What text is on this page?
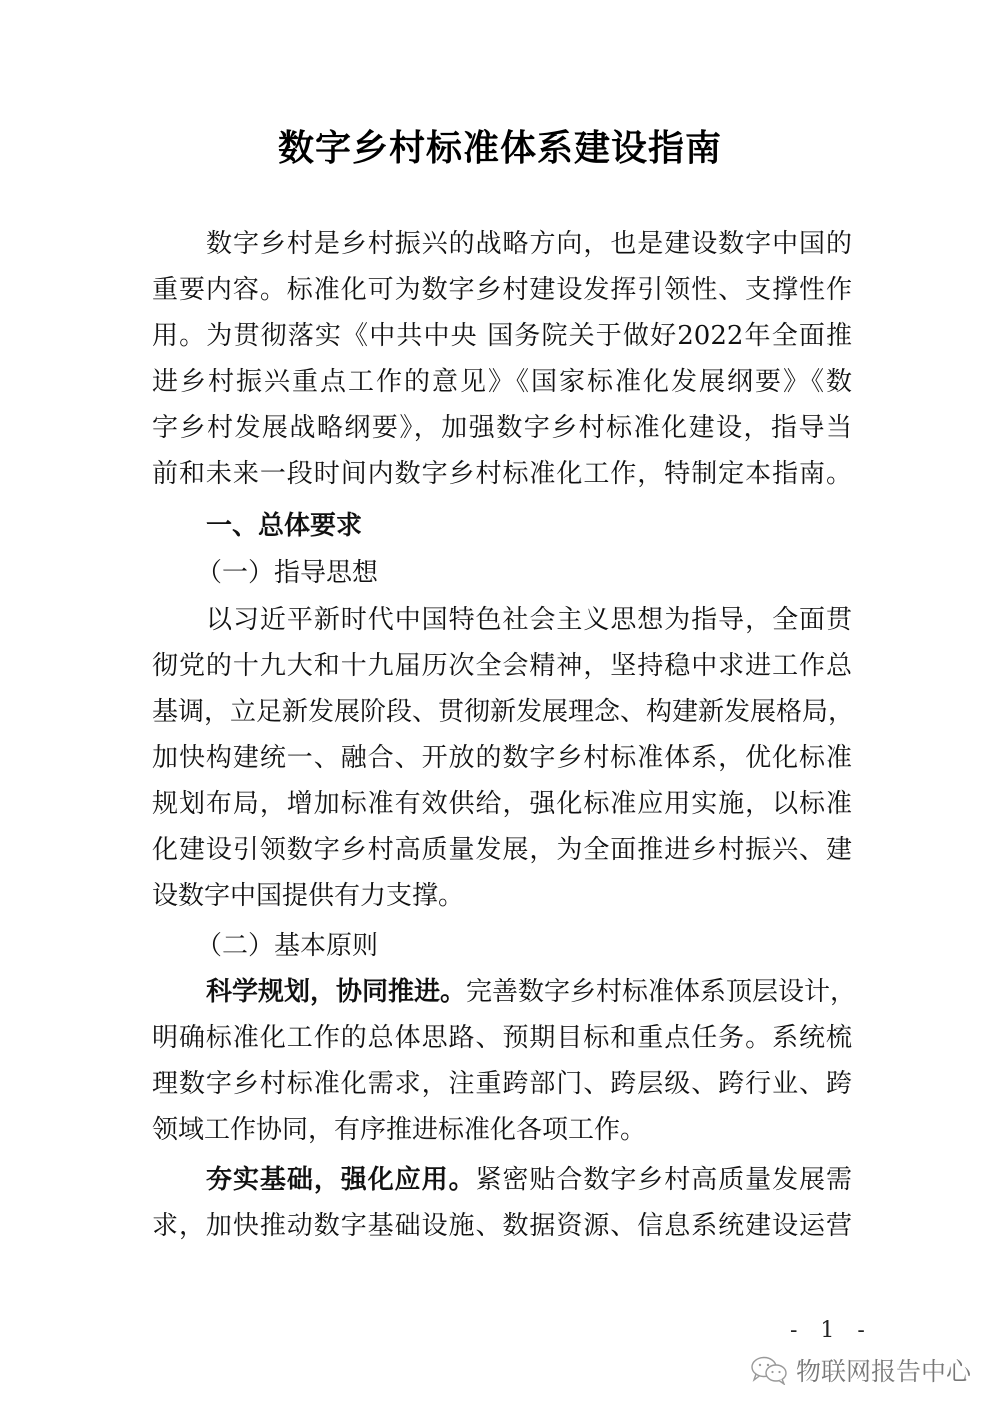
数字乡村标准体系建设指南
数字乡村是乡村振兴的战略方向，也是建设数字中国的
重要内容。标准化可为数字乡村建设发挥引领性、支撑性作
用。为贯彻落实《中共中央 国务院关于做好2022年全面推
进乡村振兴重点工作的意见》《国家标准化发展纲要》《数
字乡村发展战略纲要》，加强数字乡村标准化建设，指导当
前和未来一段时间内数字乡村标准化工作，特制定本指南。
一、总体要求
（一）指导思想
以习近平新时代中国特色社会主义思想为指导，全面贯
彻党的十九大和十九届历次全会精神，坚持稳中求进工作总
基调，立足新发展阶段、贯彻新发展理念、构建新发展格局，
加快构建统一、融合、开放的数字乡村标准体系，优化标准
规划布局，增加标准有效供给，强化标准应用实施，以标准
化建设引领数字乡村高质量发展，为全面推进乡村振兴、建
设数字中国提供有力支撑。
（二）基本原则
科学规划，协同推进。完善数字乡村标准体系顶层设计，
明确标准化工作的总体思路、预期目标和重点任务。系统梳
理数字乡村标准化需求，注重跨部门、跨层级、跨行业、跨
领域工作协同，有序推进标准化各项工作。
夯实基础，强化应用。紧密贴合数字乡村高质量发展需
求，加快推动数字基础设施、数据资源、信息系统建设运营
- 1 -
物联网报告中心
